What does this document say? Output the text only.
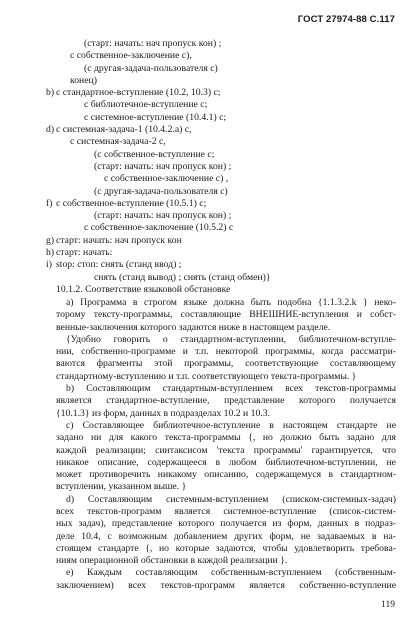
ГОСТ 27974-88 С.117
(старт: начать: нач пропуск кон) ;
с собственное-заключение с),
(с другая-задача-пользователя с)
конец)
b) с стандартное-вступление (10.2, 10.3) с;
с библиотечное-вступление с;
с системное-вступление (10.4.1) с;
d) с системная-задача-1 (10.4.2.а) с,
с системная-задача-2 с,
(с собственное-вступление с;
(старт: начать: нач пропуск кон) ;
с собственное-заключение с) ,
(с другая-задача-пользователя с)
f) с собственное-вступление (10.5.1) с;
(старт: начать: нач пропуск кон) ;
с собственное-заключение (10.5.2) с
g) старт: начать: нач пропуск кон
h) старт: начать:
i) stop: стоп: снять (станд ввод) ;
снять (станд вывод) ; снять (станд обмен)}
10.1.2. Соответствие языковой обстановке
а) Программа в строгом языке должна быть подобна {1.1.3.2.k } неко-
торому тексту-программы, составляющие ВНЕШНИЕ-вступления и собст-
венные-заключения которого задаются ниже в настоящем разделе.
{Удобно говорить о стандартном-вступлении, библиотечном-вступле-
нии, собственно-программе и т.п. некоторой программы, когда рассматри-
ваются фрагменты этой программы, соответствующие составляющему
стандартному-вступлению и т.п. соответствующего текста-программы. }
b) Составляющим стандартным-вступлением всех текстов-программы
является стандартное-вступление, представление которого получается
{10.1.3} из форм, данных в подразделах 10.2 и 10.3.
с) Составляющее библиотечное-вступление в настоящем стандарте не
задано ни для какого текста-программы {, но должно быть задано для
каждой реализации; синтаксисом 'текста программы' гарантируется, что
никакое описание, содержащееся в любом библиотечном-вступлении, не
может противоречить никакому описанию, содержащемуся в стандартном-
вступлении, указанном выше. }
d) Составляющим системным-вступлением (списком-системных-задач)
всех текстов-программ является системное-вступление (список-систем-
ных задач), представление которого получается из форм, данных в подраз-
деле 10.4, с возможным добавлением других форм, не задаваемых в на-
стоящем стандарте {, но которые задаются, чтобы удовлетворить требова-
ниям операционной обстановки в каждой реализации }.
е) Каждым составляющим собственным-вступлением (собственным-
заключением) всех текстов-программ является собственно-вступление
119
